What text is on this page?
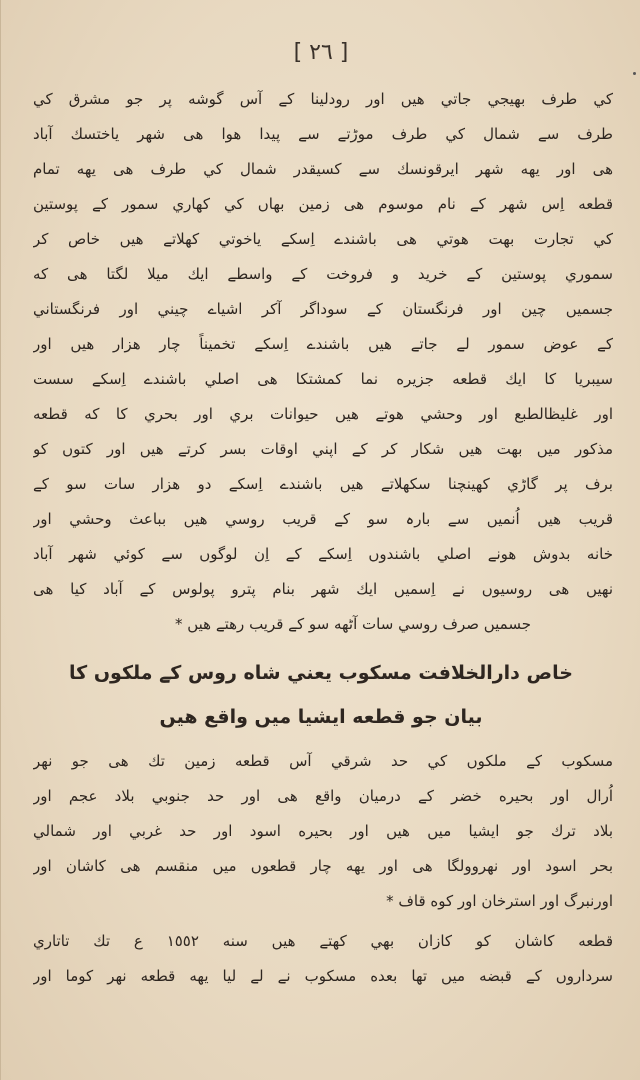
[ ٢٦ ]
كي طرف بهيجي جاتي هيں اور رودلينا كے آس گوشه پر جو مشرق كي
طرف سے شمال كي طرف موڑتے سے پيدا هوا هى شهر ياختسك آباد
هى اور يهه شهر ايرقونسك سے كسيقدر شمال كي طرف هى يهه تمام
قطعه اِس شهر كے نام موسوم هى زمين بهاں كي كهاري سمور كے پوستين
كي تجارت بهت هوتي هى باشندے اِسكے ياخوتي كهلاتے هيں خاص كر
سموري پوستين كے خريد و فروخت كے واسطے ايك ميلا لگتا هى كه
جسميں چين اور فرنگستان كے سوداگر آكر اشياے چيني اور فرنگستاني
كے عوض سمور لے جاتے هيں باشندے اِسكے تخميناً چار هزار هيں اور
سيبريا كا ايك قطعه جزيره نما كمشتكا هى اصلي باشندے اِسكے سست
اور غليظالطبع اور وحشي هوتے هيں حيوانات بري اور بحري كا كه قطعه
مذكور ميں بهت هيں شكار كر كے اپني اوقات بسر كرتے هيں اور كتوں كو
برف پر گاڑي كهينچنا سكهلاتے هيں باشندے اِسكے دو هزار سات سو كے
قريب هيں اُنميں سے بارہ سو كے قريب روسي هيں بباعث وحشي اور
خانه بدوش هونے اصلي باشندوں اِسكے كے اِن لوگوں سے كوئي شهر آباد
نهيں هى روسيوں نے اِسميں ايك شهر بنام پترو پولوس كے آباد كيا هى
جسميں صرف روسي سات آٹهه سو كے قريب رهتے هيں *
خاص دارالخلافت مسكوب يعني شاه روس كے ملكوں كا
بيان جو قطعه ايشيا ميں واقع هيں
مسكوب كے ملكوں كي حد شرقي آس قطعه زمين تك هى جو نهر
اُرال اور بحيره خضر كے درميان واقع هى اور حد جنوبي بلاد عجم اور
بلاد ترك جو ايشيا ميں هيں اور بحيره اسود اور حد غربي اور شمالي
بحر اسود اور نهروولگا هى اور يهه چار قطعوں ميں منقسم هى كاشان اور
اورنبرگ اور استرخان اور كوه قاف *
قطعه كاشان كو كازان بهي كهتے هيں سنه ١٥٥٢ ع تك تاتاري
سرداروں كے قبضه ميں تها بعده مسكوب نے لے ليا يهه قطعه نهر كوما اور
